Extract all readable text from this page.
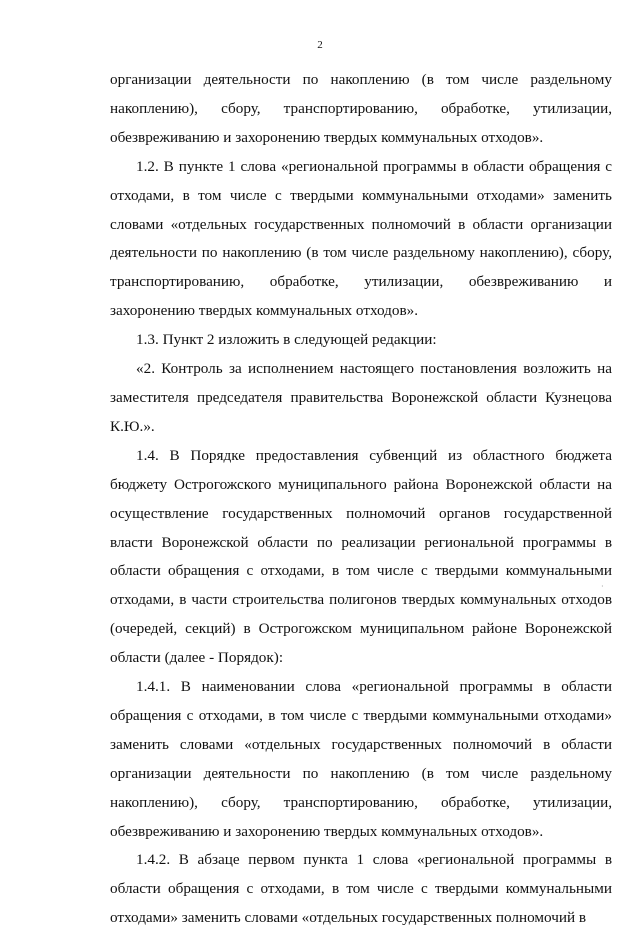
2

организации деятельности по накоплению (в том числе раздельному накоплению), сбору, транспортированию, обработке, утилизации, обезвреживанию и захоронению твердых коммунальных отходов».

1.2. В пункте 1 слова «региональной программы в области обращения с отходами, в том числе с твердыми коммунальными отходами» заменить словами «отдельных государственных полномочий в области организации деятельности по накоплению (в том числе раздельному накоплению), сбору, транспортированию, обработке, утилизации, обезвреживанию и захоронению твердых коммунальных отходов».

1.3. Пункт 2 изложить в следующей редакции:

«2. Контроль за исполнением настоящего постановления возложить на заместителя председателя правительства Воронежской области Кузнецова К.Ю.».

1.4. В Порядке предоставления субвенций из областного бюджета бюджету Острогожского муниципального района Воронежской области на осуществление государственных полномочий органов государственной власти Воронежской области по реализации региональной программы в области обращения с отходами, в том числе с твердыми коммунальными отходами, в части строительства полигонов твердых коммунальных отходов (очередей, секций) в Острогожском муниципальном районе Воронежской области (далее - Порядок):

1.4.1. В наименовании слова «региональной программы в области обращения с отходами, в том числе с твердыми коммунальными отходами» заменить словами «отдельных государственных полномочий в области организации деятельности по накоплению (в том числе раздельному накоплению), сбору, транспортированию, обработке, утилизации, обезвреживанию и захоронению твердых коммунальных отходов».

1.4.2. В абзаце первом пункта 1 слова «региональной программы в области обращения с отходами, в том числе с твердыми коммунальными отходами» заменить словами «отдельных государственных полномочий в

·
